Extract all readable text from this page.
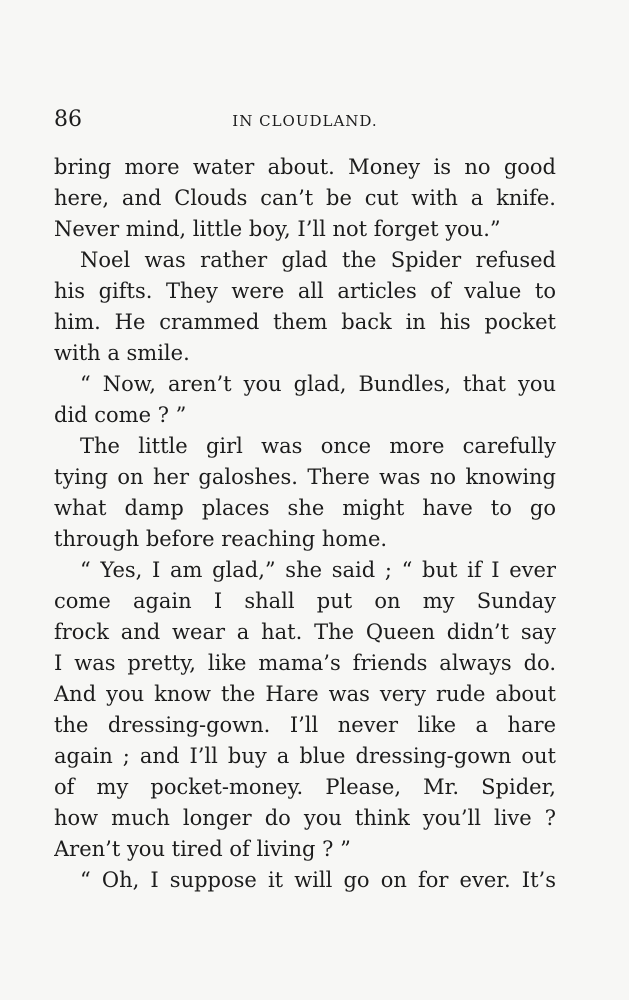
86	IN CLOUDLAND.
bring more water about. Money is no good
here, and Clouds can’t be cut with a knife.
Never mind, little boy, I’ll not forget you.”
Noel was rather glad the Spider refused
his gifts. They were all articles of value to
him. He crammed them back in his pocket
with a smile.
“ Now, aren’t you glad, Bundles, that you
did come ? ”
The little girl was once more carefully
tying on her galoshes. There was no knowing
what damp places she might have to go
through before reaching home.
“ Yes, I am glad,” she said ; “ but if I ever
come again I shall put on my Sunday
frock and wear a hat. The Queen didn’t say
I was pretty, like mama’s friends always do.
And you know the Hare was very rude about
the dressing-gown. I’ll never like a hare
again ; and I’ll buy a blue dressing-gown out
of my pocket-money. Please, Mr. Spider,
how much longer do you think you’ll live ?
Aren’t you tired of living ? ”
“ Oh, I suppose it will go on for ever. It’s
